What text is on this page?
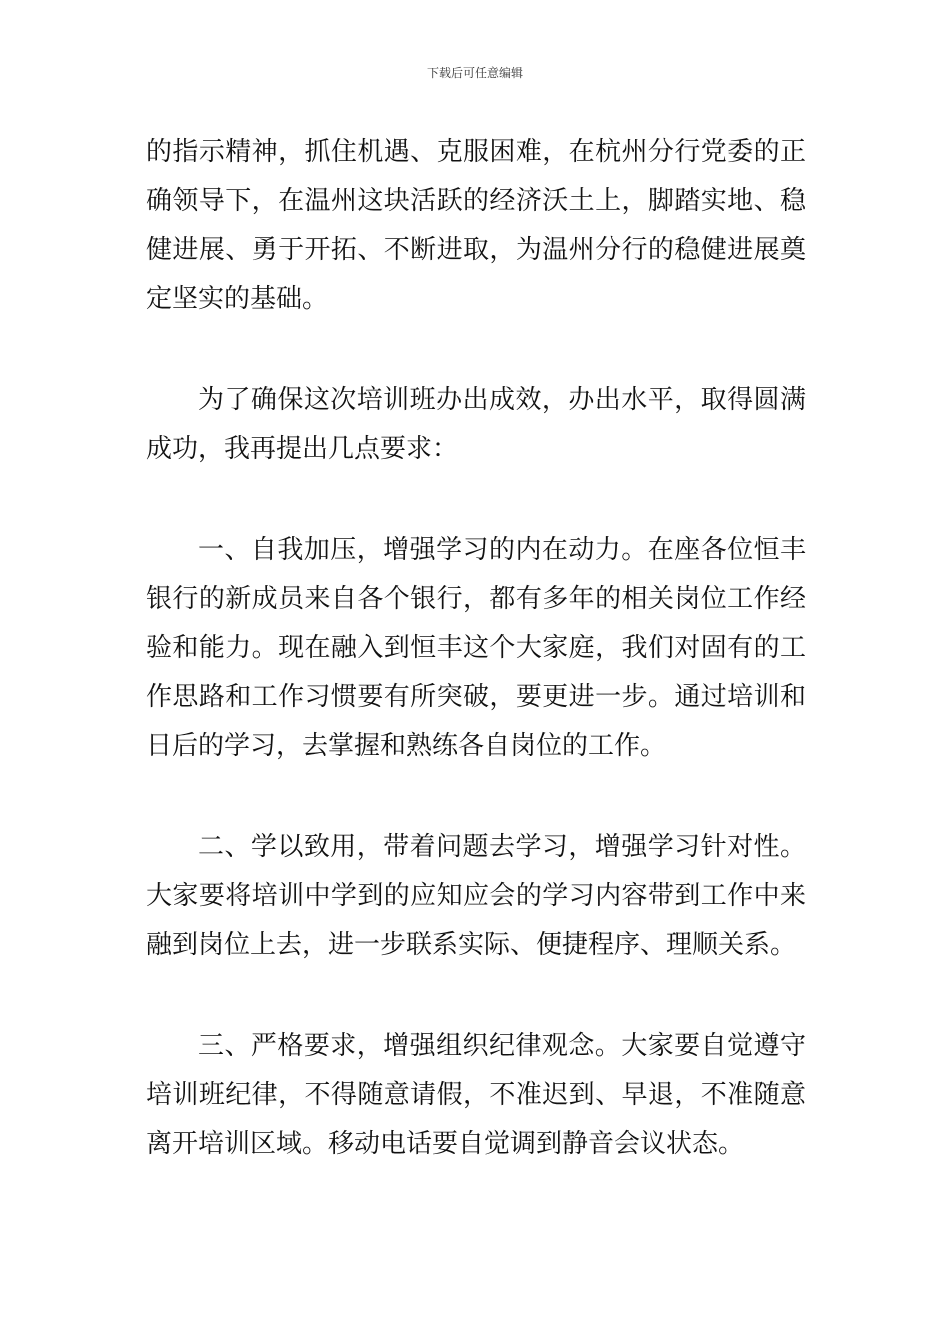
下载后可任意编辑

的指示精神，抓住机遇、克服困难，在杭州分行党委的正确领导下，在温州这块活跃的经济沃土上，脚踏实地、稳健进展、勇于开拓、不断进取，为温州分行的稳健进展奠定坚实的基础。

为了确保这次培训班办出成效，办出水平，取得圆满成功，我再提出几点要求：

一、自我加压，增强学习的内在动力。在座各位恒丰银行的新成员来自各个银行，都有多年的相关岗位工作经验和能力。现在融入到恒丰这个大家庭，我们对固有的工作思路和工作习惯要有所突破，要更进一步。通过培训和日后的学习，去掌握和熟练各自岗位的工作。

二、学以致用，带着问题去学习，增强学习针对性。大家要将培训中学到的应知应会的学习内容带到工作中来融到岗位上去，进一步联系实际、便捷程序、理顺关系。

三、严格要求，增强组织纪律观念。大家要自觉遵守培训班纪律，不得随意请假，不准迟到、早退，不准随意离开培训区域。移动电话要自觉调到静音会议状态。
